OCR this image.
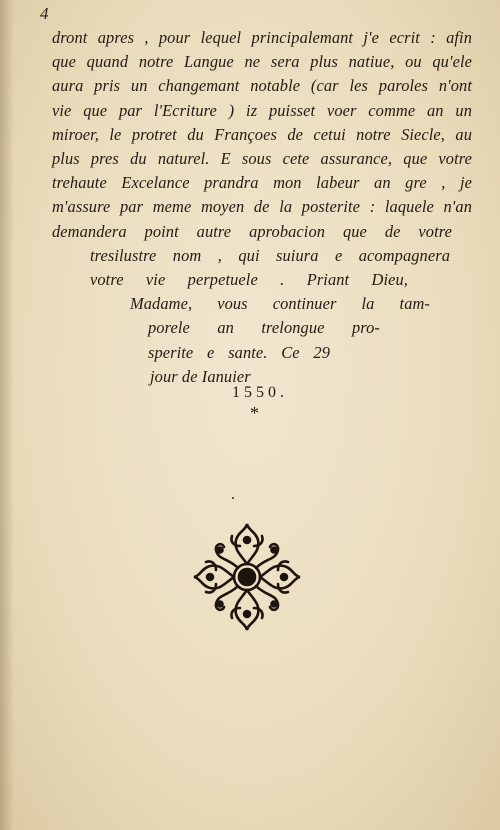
4
dront apres , pour lequel principalemant j'e ecrit : afin
que quand notre Langue ne sera plus natiue, ou qu'ele
aura pris un changemant notable (car les paroles n'ont
vie que par l'Ecriture ) iz puisset voer comme an un
miroer, le protret du Françoes de cetui notre Siecle, au
plus pres du naturel. E sous cete assurance, que votre
trehaute Excelance prandra mon labeur an gre , je
m'assure par meme moyen de la posterite : laquele n'an
demandera point autre aprobacion que de votre
tresilustre nom , qui suiura e acompagnera
votre vie perpetuele . Priant Dieu,
Madame, vous continuer la tam-
porele an trelongue pro-
sperite e sante. Ce 29
jour de Ianuier
1550.
*
